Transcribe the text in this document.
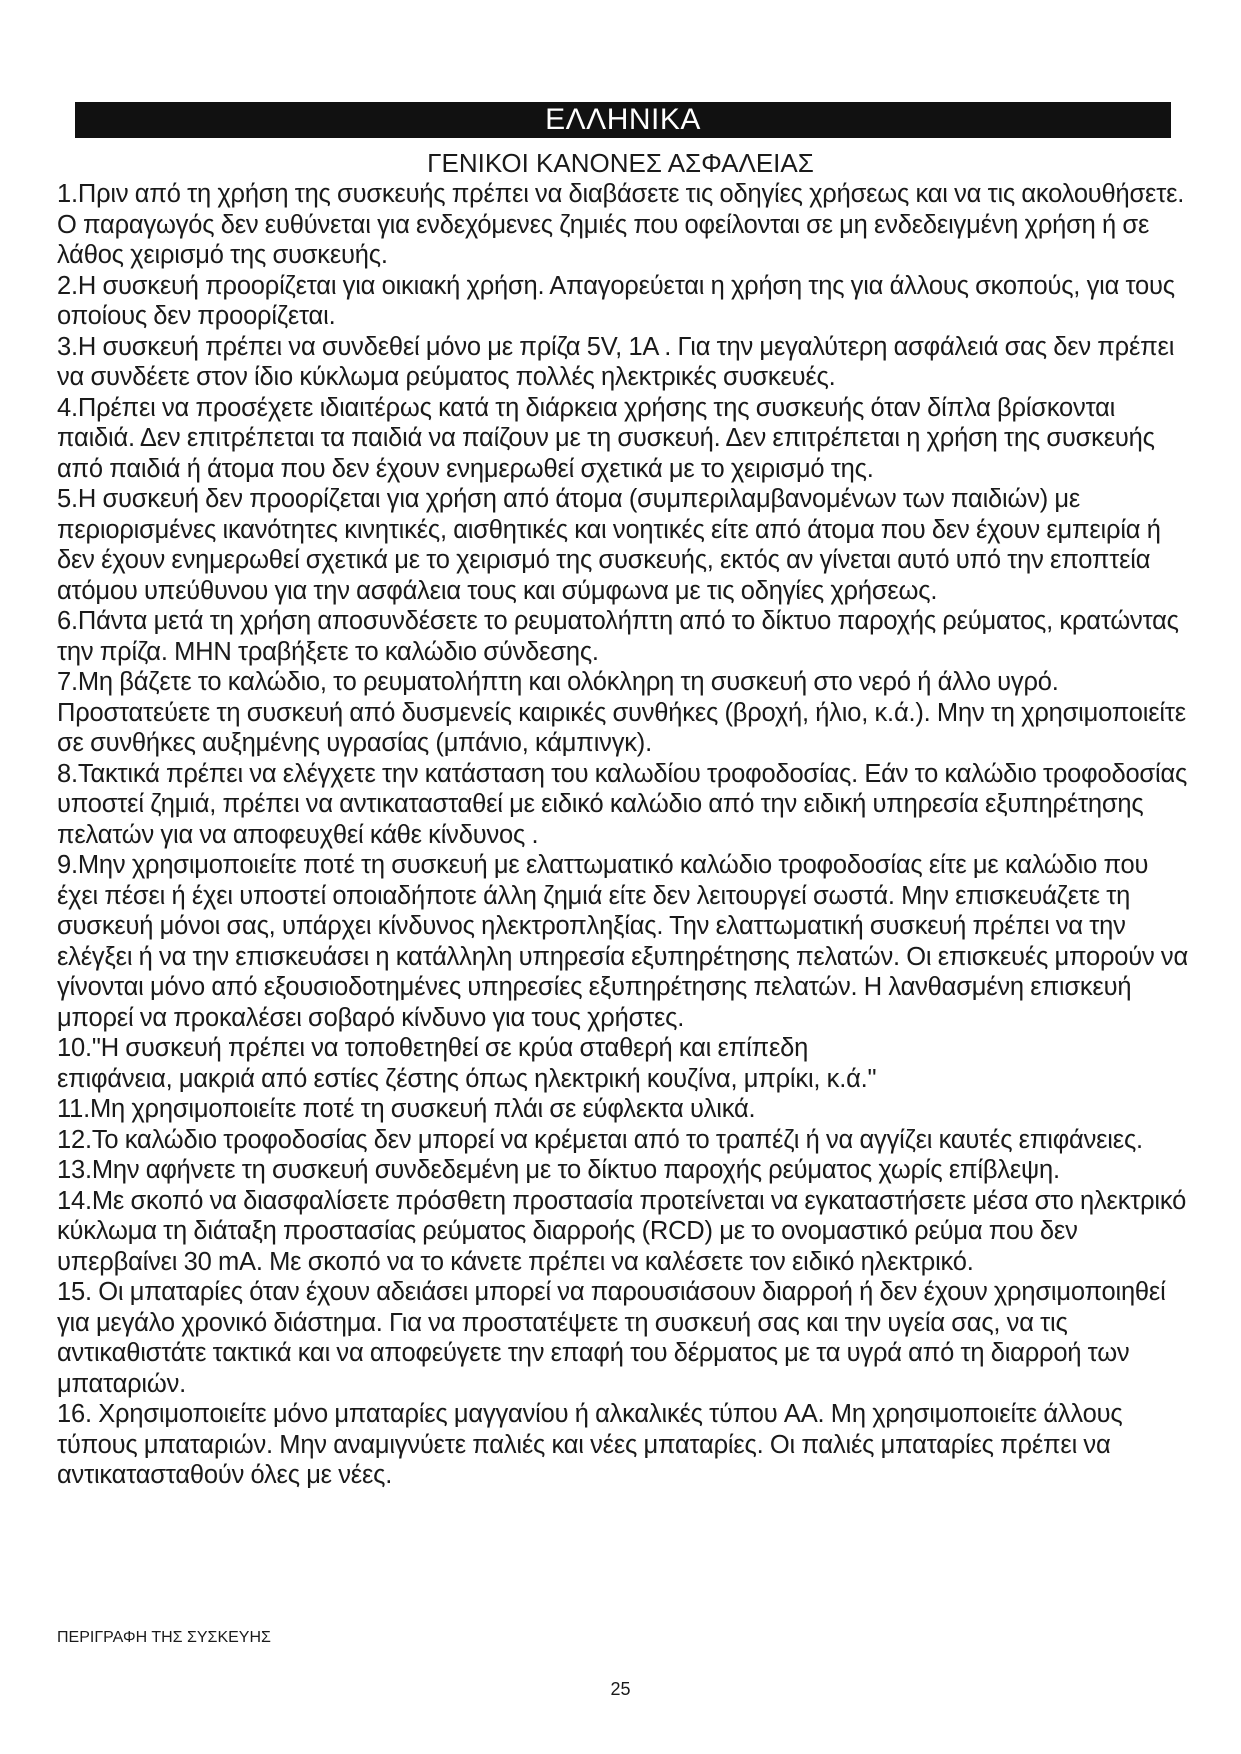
ΕΛΛΗΝΙΚΑ
ΓΕΝΙΚΟΙ ΚΑΝΟΝΕΣ ΑΣΦΑΛΕΙΑΣ

1.Πριν από τη χρήση της συσκευής πρέπει να διαβάσετε τις οδηγίες χρήσεως και να τις ακολουθήσετε. Ο παραγωγός δεν ευθύνεται για ενδεχόμενες ζημιές που οφείλονται σε μη ενδεδειγμένη χρήση ή σε λάθος χειρισμό της συσκευής.

2.Η συσκευή προορίζεται για οικιακή χρήση. Απαγορεύεται η χρήση της για άλλους σκοπούς, για τους οποίους δεν προορίζεται.

3.Η συσκευή πρέπει να συνδεθεί μόνο με πρίζα 5V, 1A . Για την μεγαλύτερη ασφάλειά σας δεν πρέπει να συνδέετε στον ίδιο κύκλωμα ρεύματος πολλές ηλεκτρικές συσκευές.

4.Πρέπει να προσέχετε ιδιαιτέρως κατά τη διάρκεια χρήσης της συσκευής όταν δίπλα βρίσκονται παιδιά. Δεν επιτρέπεται τα παιδιά να παίζουν με τη συσκευή. Δεν επιτρέπεται η χρήση της συσκευής από παιδιά ή άτομα που δεν έχουν ενημερωθεί σχετικά με το χειρισμό της.

5.Η συσκευή δεν προορίζεται για χρήση από άτομα (συμπεριλαμβανομένων των παιδιών) με περιορισμένες ικανότητες κινητικές, αισθητικές και νοητικές είτε από άτομα που δεν έχουν εμπειρία ή δεν έχουν ενημερωθεί σχετικά με το χειρισμό της συσκευής, εκτός αν γίνεται αυτό υπό την εποπτεία ατόμου υπεύθυνου για την ασφάλεια τους και σύμφωνα με τις οδηγίες χρήσεως.

6.Πάντα μετά τη χρήση αποσυνδέσετε το ρευματολήπτη από το δίκτυο παροχής ρεύματος, κρατώντας την πρίζα. ΜΗΝ τραβήξετε το καλώδιο σύνδεσης.

7.Μη βάζετε το καλώδιο, το ρευματολήπτη και ολόκληρη τη συσκευή στο νερό ή άλλο υγρό. Προστατεύετε τη συσκευή από δυσμενείς καιρικές συνθήκες (βροχή, ήλιο, κ.ά.). Μην τη χρησιμοποιείτε σε συνθήκες αυξημένης υγρασίας (μπάνιο, κάμπινγκ).

8.Τακτικά πρέπει να ελέγχετε την κατάσταση του καλωδίου τροφοδοσίας. Εάν το καλώδιο τροφοδοσίας υποστεί ζημιά, πρέπει να αντικατασταθεί με ειδικό καλώδιο από την ειδική υπηρεσία εξυπηρέτησης πελατών για να αποφευχθεί κάθε κίνδυνος .

9.Μην χρησιμοποιείτε ποτέ τη συσκευή με ελαττωματικό καλώδιο τροφοδοσίας είτε με καλώδιο που έχει πέσει ή έχει υποστεί οποιαδήποτε άλλη ζημιά είτε δεν λειτουργεί σωστά. Μην επισκευάζετε τη συσκευή μόνοι σας, υπάρχει κίνδυνος ηλεκτροπληξίας. Την ελαττωματική συσκευή πρέπει να την ελέγξει ή να την επισκευάσει η κατάλληλη υπηρεσία εξυπηρέτησης πελατών. Οι επισκευές μπορούν να γίνονται μόνο από εξουσιοδοτημένες υπηρεσίες εξυπηρέτησης πελατών. Η λανθασμένη επισκευή μπορεί να προκαλέσει σοβαρό κίνδυνο για τους χρήστες.

10."Η συσκευή πρέπει να τοποθετηθεί σε κρύα σταθερή και επίπεδη

επιφάνεια, μακριά από εστίες ζέστης όπως ηλεκτρική κουζίνα, μπρίκι, κ.ά."

11.Μη χρησιμοποιείτε ποτέ τη συσκευή πλάι σε εύφλεκτα υλικά.

12.Το καλώδιο τροφοδοσίας δεν μπορεί να κρέμεται από το τραπέζι ή να αγγίζει καυτές επιφάνειες.

13.Μην αφήνετε τη συσκευή συνδεδεμένη με το δίκτυο παροχής ρεύματος χωρίς επίβλεψη.

14.Με σκοπό να διασφαλίσετε πρόσθετη προστασία προτείνεται να εγκαταστήσετε μέσα στο ηλεκτρικό κύκλωμα τη διάταξη προστασίας ρεύματος διαρροής (RCD) με το ονομαστικό ρεύμα που δεν υπερβαίνει 30 mA. Με σκοπό να το κάνετε πρέπει να καλέσετε τον ειδικό ηλεκτρικό.

15. Οι μπαταρίες όταν έχουν αδειάσει μπορεί να παρουσιάσουν διαρροή ή δεν έχουν χρησιμοποιηθεί για μεγάλο χρονικό διάστημα. Για να προστατέψετε τη συσκευή σας και την υγεία σας, να τις αντικαθιστάτε τακτικά και να αποφεύγετε την επαφή του δέρματος με τα υγρά από τη διαρροή των μπαταριών.

16. Χρησιμοποιείτε μόνο μπαταρίες μαγγανίου ή αλκαλικές τύπου AA. Μη χρησιμοποιείτε άλλους τύπους μπαταριών. Μην αναμιγνύετε παλιές και νέες μπαταρίες. Οι παλιές μπαταρίες πρέπει να αντικατασταθούν όλες με νέες.

ΠΕΡΙΓΡΑΦΗ ΤΗΣ ΣΥΣΚΕΥΗΣ
25
